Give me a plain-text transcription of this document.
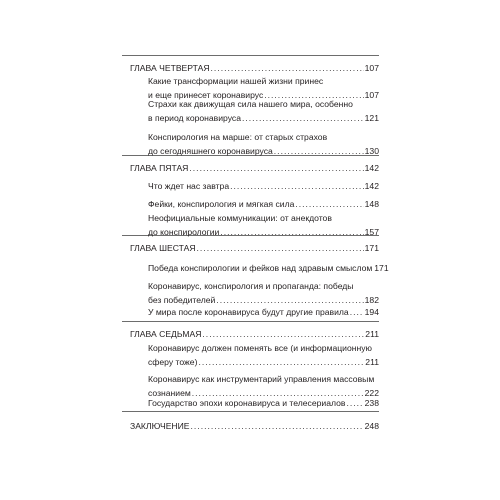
ГЛАВА ЧЕТВЕРТАЯ .....	107
Какие трансформации нашей жизни принес
и еще принесет коронавирус .....	107
Страхи как движущая сила нашего мира, особенно
в период коронавируса .....	121
Конспирология на марше: от старых страхов
до сегодняшнего коронавируса .....	130
ГЛАВА ПЯТАЯ .....	142
Что ждет нас завтра .....	142
Фейки, конспирология и мягкая сила .....	148
Неофициальные коммуникации: от анекдотов
до конспирологии .....	157
ГЛАВА ШЕСТАЯ .....	171
Победа конспирологии и фейков над здравым смыслом 171
Коронавирус, конспирология и пропаганда: победы
без победителей .....	182
У мира после коронавируса будут другие правила ..... 194
ГЛАВА СЕДЬМАЯ .....	211
Коронавирус должен поменять все (и информационную
сферу тоже) .....	211
Коронавирус как инструментарий управления массовым
сознанием .....	222
Государство эпохи коронавируса и телесериалов ..... 238
ЗАКЛЮЧЕНИЕ .....	248
